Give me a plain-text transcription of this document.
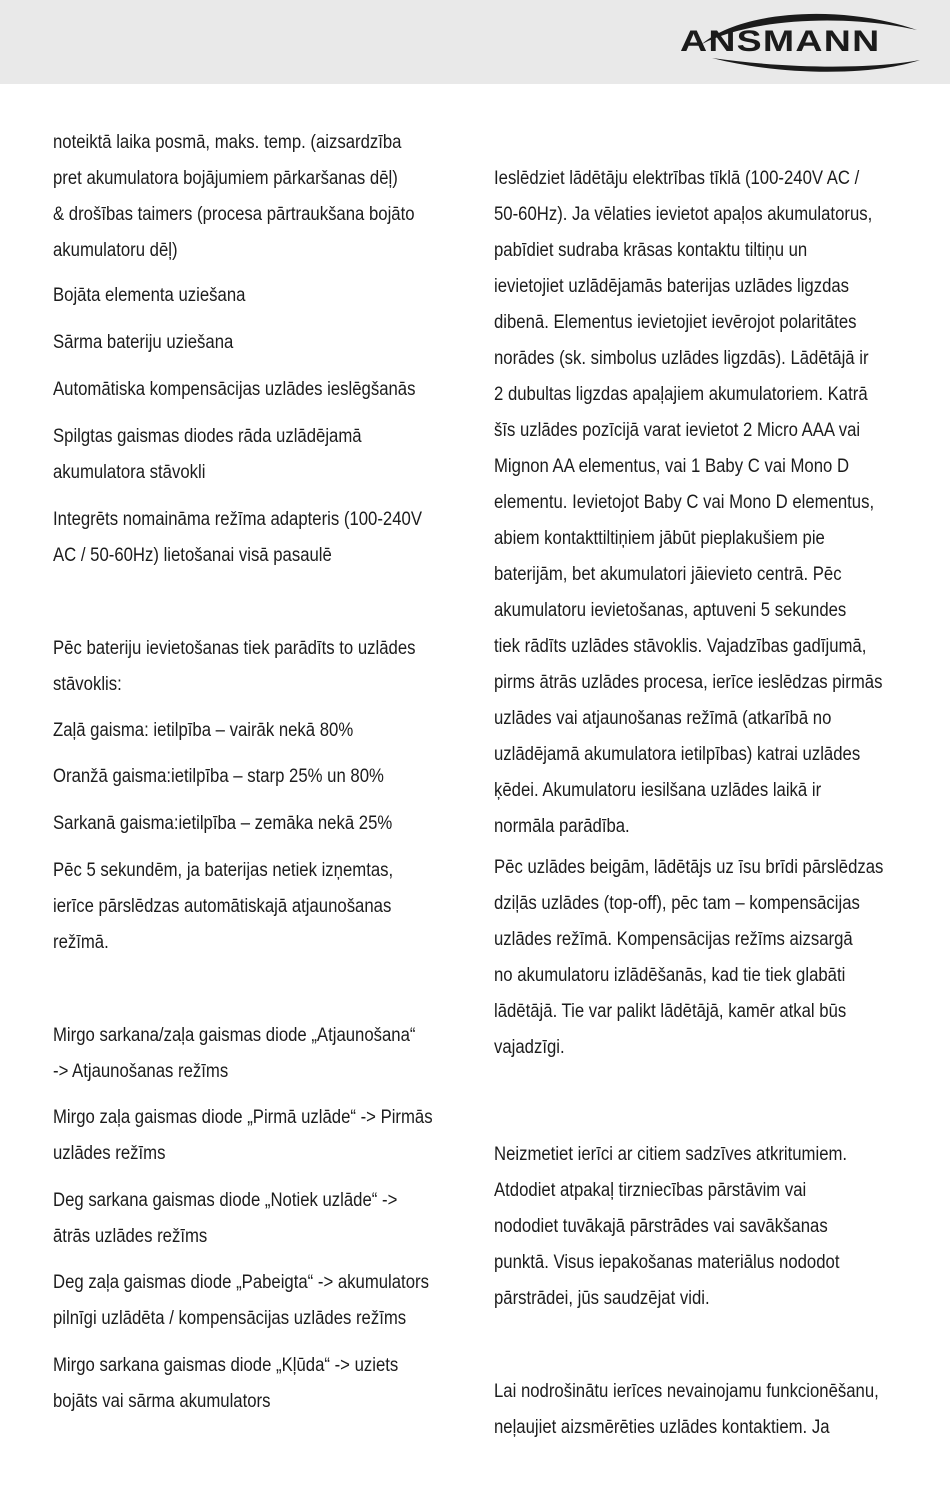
ANSMANN

noteiktā laika posmā, maks. temp. (aizsardzība
pret akumulatora bojājumiem pārkaršanas dēļ)
& drošības taimers (procesa pārtraukšana bojāto
akumulatoru dēļ)

Bojāta elementa uziešana

Sārma bateriju uziešana

Automātiska kompensācijas uzlādes ieslēgšanās

Spilgtas gaismas diodes rāda uzlādējamā
akumulatora stāvokli

Integrēts nomaināma režīma adapteris (100-240V
AC / 50-60Hz) lietošanai visā pasaulē

Pēc bateriju ievietošanas tiek parādīts to uzlādes
stāvoklis:

Zaļā gaisma: ietilpība – vairāk nekā 80%

Oranžā gaisma:ietilpība – starp 25% un 80%

Sarkanā gaisma:ietilpība – zemāka nekā 25%

Pēc 5 sekundēm, ja baterijas netiek izņemtas,
ierīce pārslēdzas automātiskajā atjaunošanas
režīmā.

Mirgo sarkana/zaļa gaismas diode „Atjaunošana“
-> Atjaunošanas režīms

Mirgo zaļa gaismas diode „Pirmā uzlāde“ -> Pirmās
uzlādes režīms

Deg sarkana gaismas diode „Notiek uzlāde“ ->
ātrās uzlādes režīms

Deg zaļa gaismas diode „Pabeigta“ -> akumulators
pilnīgi uzlādēta / kompensācijas uzlādes režīms

Mirgo sarkana gaismas diode „Kļūda“ -> uziets
bojāts vai sārma akumulators

Ieslēdziet lādētāju elektrības tīklā (100-240V AC /
50-60Hz). Ja vēlaties ievietot apaļos akumulatorus,
pabīdiet sudraba krāsas kontaktu tiltiņu un
ievietojiet uzlādējamās baterijas uzlādes ligzdas
dibenā. Elementus ievietojiet ievērojot polaritātes
norādes (sk. simbolus uzlādes ligzdās). Lādētājā ir
2 dubultas ligzdas apaļajiem akumulatoriem. Katrā
šīs uzlādes pozīcijā varat ievietot 2 Micro AAA vai
Mignon AA elementus, vai 1 Baby C vai Mono D
elementu. Ievietojot Baby C vai Mono D elementus,
abiem kontakttiltiņiem jābūt pieplakušiem pie
baterijām, bet akumulatori jāievieto centrā. Pēc
akumulatoru ievietošanas, aptuveni 5 sekundes
tiek rādīts uzlādes stāvoklis. Vajadzības gadījumā,
pirms ātrās uzlādes procesa, ierīce ieslēdzas pirmās
uzlādes vai atjaunošanas režīmā (atkarībā no
uzlādējamā akumulatora ietilpības) katrai uzlādes
ķēdei. Akumulatoru iesilšana uzlādes laikā ir
normāla parādība.

Pēc uzlādes beigām, lādētājs uz īsu brīdi pārslēdzas
dziļās uzlādes (top-off), pēc tam – kompensācijas
uzlādes režīmā. Kompensācijas režīms aizsargā
no akumulatoru izlādēšanās, kad tie tiek glabāti
lādētājā. Tie var palikt lādētājā, kamēr atkal būs
vajadzīgi.

Neizmetiet ierīci ar citiem sadzīves atkritumiem.
Atdodiet atpakaļ tirzniecības pārstāvim vai
nododiet tuvākajā pārstrādes vai savākšanas
punktā. Visus iepakošanas materiālus nododot
pārstrādei, jūs saudzējat vidi.

Lai nodrošinātu ierīces nevainojamu funkcionēšanu,
neļaujiet aizsmērēties uzlādes kontaktiem. Ja
